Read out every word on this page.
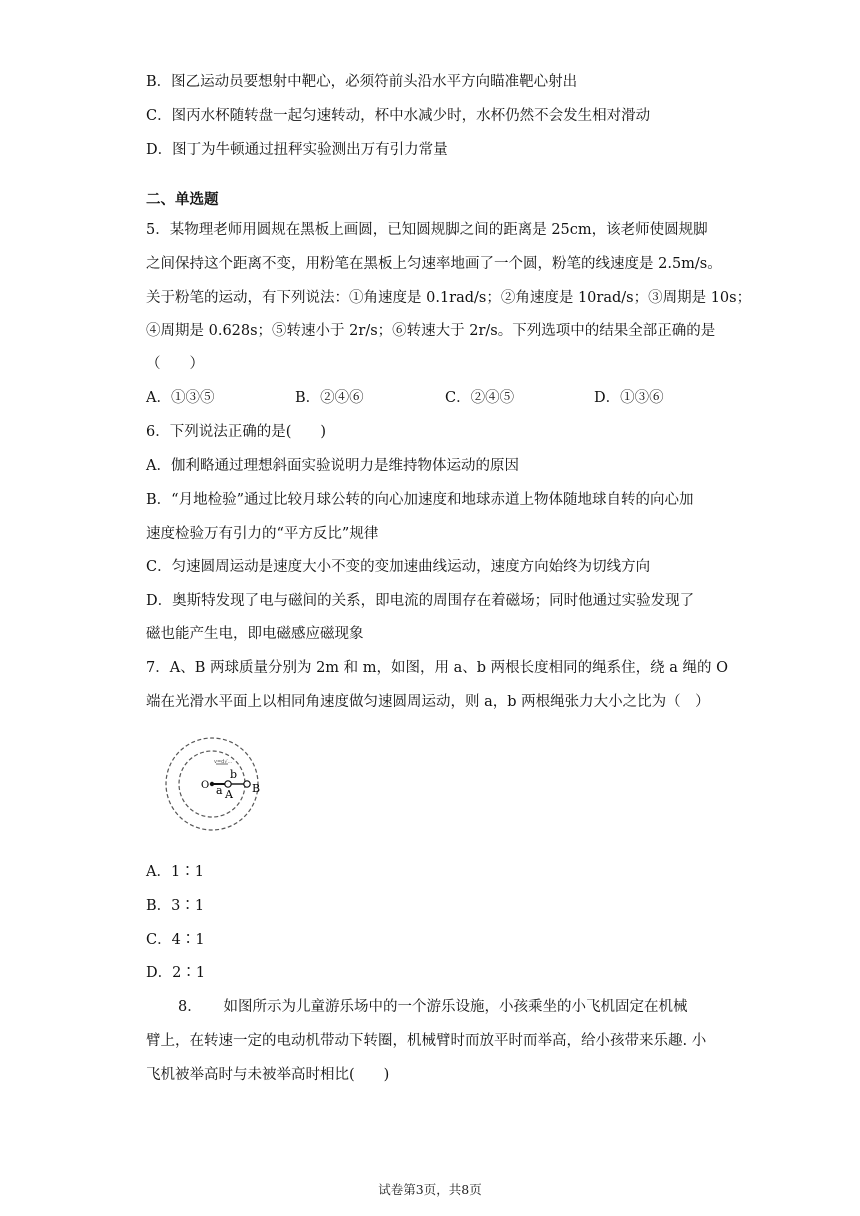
B．图乙运动员要想射中靶心，必须符前头沿水平方向瞄准靶心射出
C．图丙水杯随转盘一起匀速转动，杯中水减少时，水杯仍然不会发生相对滑动
D．图丁为牛顿通过扭秤实验测出万有引力常量
二、单选题
5．某物理老师用圆规在黑板上画圆，已知圆规脚之间的距离是 25cm，该老师使圆规脚
之间保持这个距离不变，用粉笔在黑板上匀速率地画了一个圆，粉笔的线速度是 2.5m/s。
关于粉笔的运动，有下列说法：①角速度是 0.1rad/s；②角速度是 10rad/s；③周期是 10s；
④周期是 0.628s；⑤转速小于 2r/s；⑥转速大于 2r/s。下列选项中的结果全部正确的是
（　　）
A．①③⑤	B．②④⑥	C．②④⑤	D．①③⑥
6．下列说法正确的是(　　)
A．伽利略通过理想斜面实验说明力是维持物体运动的原因
B．“月地检验”通过比较月球公转的向心加速度和地球赤道上物体随地球自转的向心加
速度检验万有引力的“平方反比”规律
C．匀速圆周运动是速度大小不变的变加速曲线运动，速度方向始终为切线方向
D．奥斯特发现了电与磁间的关系，即电流的周围存在着磁场；同时他通过实验发现了
磁也能产生电，即电磁感应磁现象
7．A、B 两球质量分别为 2m 和 m，如图，用 a、b 两根长度相同的绳系住，绕 a 绳的 O
端在光滑水平面上以相同角速度做匀速圆周运动，则 a，b 两根绳张力大小之比为（　）
O a
b
A B
v=d√...
A．1∶1
B．3∶1
C．4∶1
D．2∶1
8．　　如图所示为儿童游乐场中的一个游乐设施，小孩乘坐的小飞机固定在机械
臂上，在转速一定的电动机带动下转圈，机械臂时而放平时而举高，给小孩带来乐趣. 小
飞机被举高时与未被举高时相比(　　)
试卷第3页，共8页
